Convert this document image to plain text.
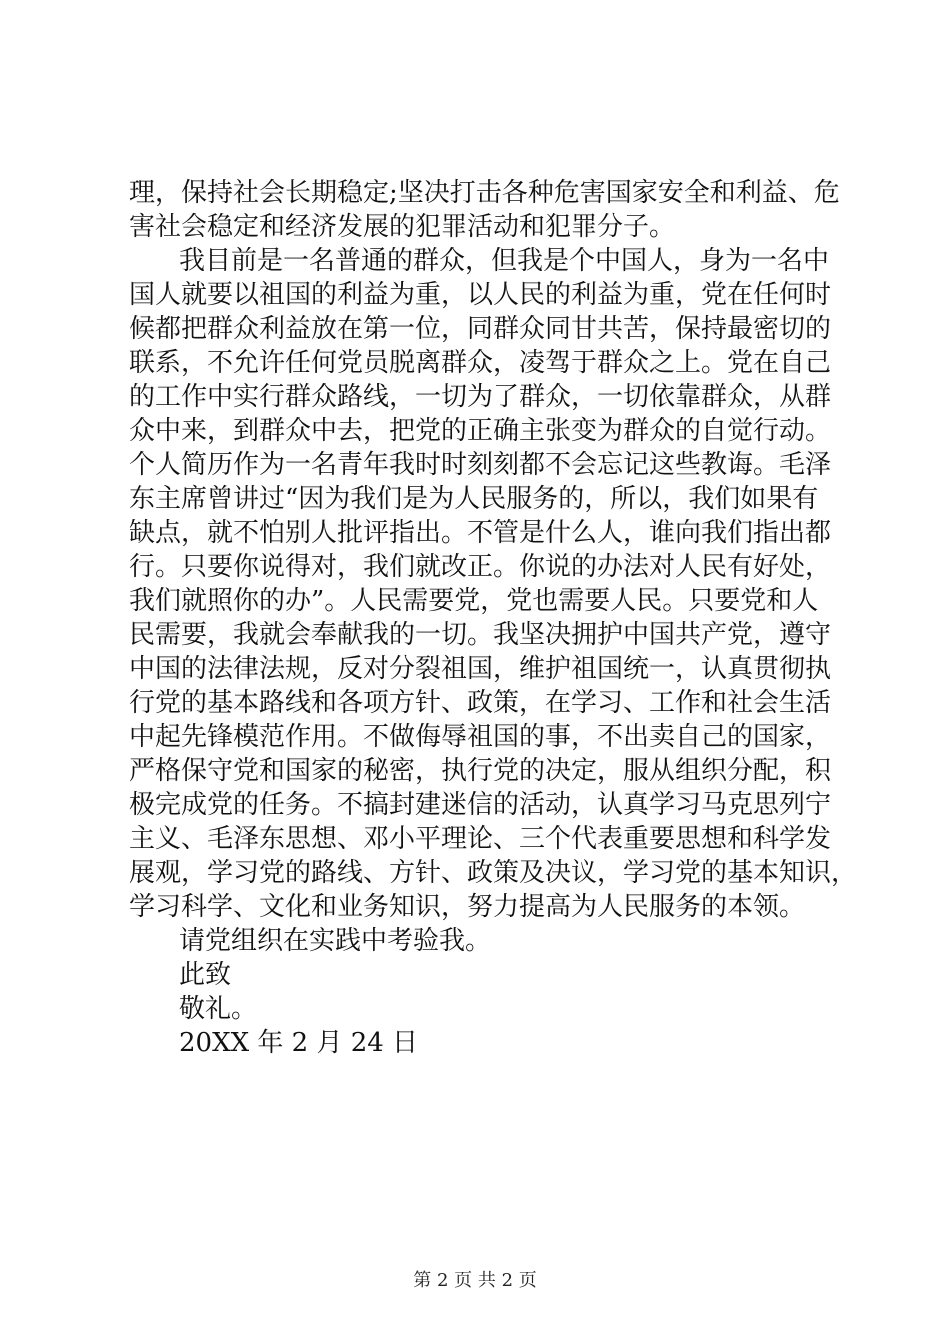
理，保持社会长期稳定;坚决打击各种危害国家安全和利益、危
害社会稳定和经济发展的犯罪活动和犯罪分子。
我目前是一名普通的群众，但我是个中国人，身为一名中
国人就要以祖国的利益为重，以人民的利益为重，党在任何时
候都把群众利益放在第一位，同群众同甘共苦，保持最密切的
联系，不允许任何党员脱离群众，凌驾于群众之上。党在自己
的工作中实行群众路线，一切为了群众，一切依靠群众，从群
众中来，到群众中去，把党的正确主张变为群众的自觉行动。
个人简历作为一名青年我时时刻刻都不会忘记这些教诲。毛泽
东主席曾讲过“因为我们是为人民服务的，所以，我们如果有
缺点，就不怕别人批评指出。不管是什么人，谁向我们指出都
行。只要你说得对，我们就改正。你说的办法对人民有好处，
我们就照你的办”。人民需要党，党也需要人民。只要党和人
民需要，我就会奉献我的一切。我坚决拥护中国共产党，遵守
中国的法律法规，反对分裂祖国，维护祖国统一，认真贯彻执
行党的基本路线和各项方针、政策，在学习、工作和社会生活
中起先锋模范作用。不做侮辱祖国的事，不出卖自己的国家，
严格保守党和国家的秘密，执行党的决定，服从组织分配，积
极完成党的任务。不搞封建迷信的活动，认真学习马克思列宁
主义、毛泽东思想、邓小平理论、三个代表重要思想和科学发
展观，学习党的路线、方针、政策及决议，学习党的基本知识，
学习科学、文化和业务知识，努力提高为人民服务的本领。
请党组织在实践中考验我。
此致
敬礼。
20XX 年 2 月 24 日
第 2 页 共 2 页
